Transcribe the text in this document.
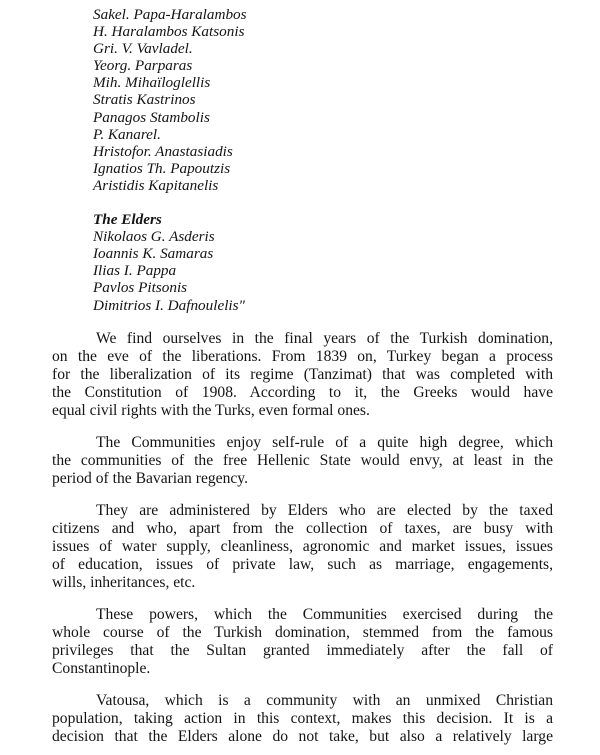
Sakel. Papa-Haralambos
H. Haralambos Katsonis
Gri. V. Vavladel.
Yeorg. Parparas
Mih. Mihaïloglellis
Stratis Kastrinos
Panagos Stambolis
P. Kanarel.
Hristofor. Anastasiadis
Ignatios Th. Papoutzis
Aristidis Kapitanelis
The Elders
Nikolaos G. Asderis
Ioannis K. Samaras
Ilias I. Pappa
Pavlos Pitsonis
Dimitrios I. Dafnoulelis"

We find ourselves in the final years of the Turkish domination,
on the eve of the liberations. From 1839 on, Turkey began a process
for the liberalization of its regime (Tanzimat) that was completed with
the Constitution of 1908. According to it, the Greeks would have
equal civil rights with the Turks, even formal ones.

The Communities enjoy self-rule of a quite high degree, which
the communities of the free Hellenic State would envy, at least in the
period of the Bavarian regency.

They are administered by Elders who are elected by the taxed
citizens and who, apart from the collection of taxes, are busy with
issues of water supply, cleanliness, agronomic and market issues, issues
of education, issues of private law, such as marriage, engagements,
wills, inheritances, etc.

These powers, which the Communities exercised during the
whole course of the Turkish domination, stemmed from the famous
privileges that the Sultan granted immediately after the fall of
Constantinople.

Vatousa, which is a community with an unmixed Christian
population, taking action in this context, makes this decision. It is a
decision that the Elders alone do not take, but also a relatively large
